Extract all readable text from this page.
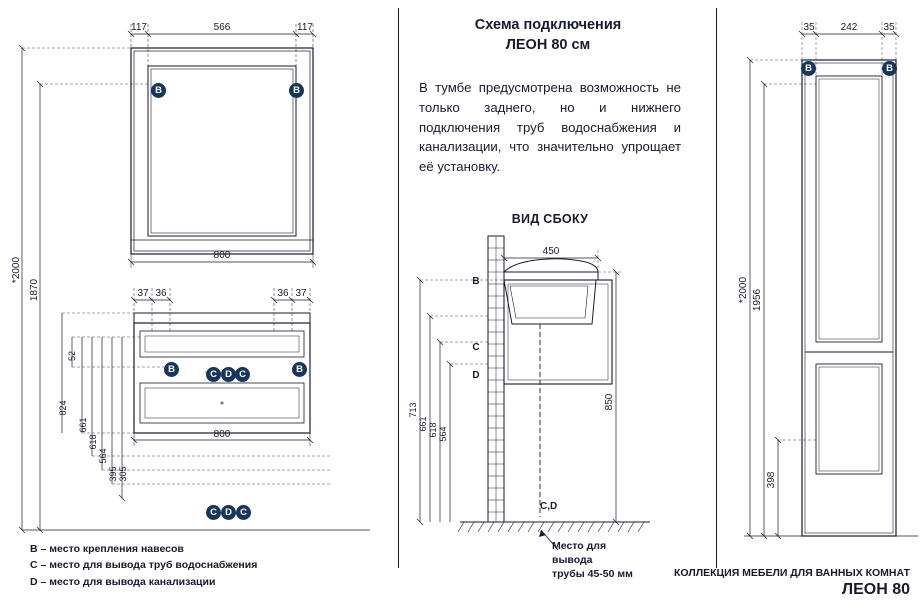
117	566	117
800
37 36	36 37
800
52
824
661
618
564
395 305
*2000
1870
B	B
B	B
C D C
C D C
Схема подключения
ЛЕОН 80 см
В тумбе предусмотрена возможность не только заднего, но и нижнего подключения труб водоснабжения и канализации, что значительно упрощает её установку.
ВИД СБОКУ
450
850
713
661 618 564
B
C
D
C,D
Место для
вывода
трубы 45-50 мм
35	242	35
*2000 1956
398
B	B
B – место крепления навесов
C – место для вывода труб водоснабжения
D – место для вывода канализации
КОЛЛЕКЦИЯ МЕБЕЛИ ДЛЯ ВАННЫХ КОМНАТ
ЛЕОН 80
